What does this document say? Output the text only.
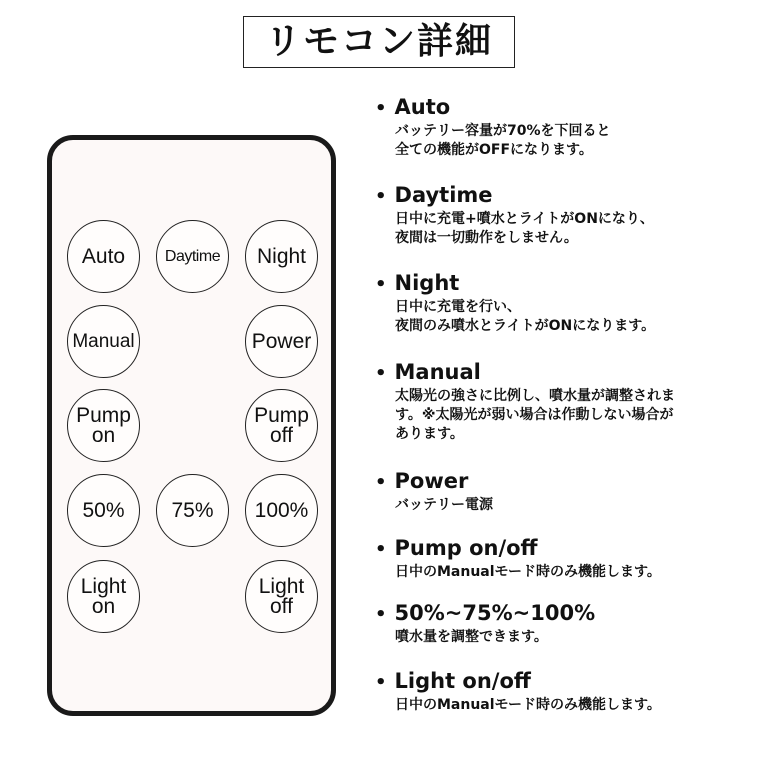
リモコン詳細
Auto Daytime Night
Manual	Power
Pump
on
Pump
off
50% 75% 100%
Light
on
Light
off
• Auto
バッテリー容量が70%を下回ると
全ての機能がOFFになります。
• Daytime
日中に充電+噴水とライトがONになり、
夜間は一切動作をしません。
• Night
日中に充電を行い、
夜間のみ噴水とライトがONになります。
• Manual
太陽光の強さに比例し、噴水量が調整されま
す。※太陽光が弱い場合は作動しない場合が
あります。
• Power
バッテリー電源
• Pump on/off
日中のManualモード時のみ機能します。
• 50%~75%~100%
噴水量を調整できます。
• Light on/off
日中のManualモード時のみ機能します。
